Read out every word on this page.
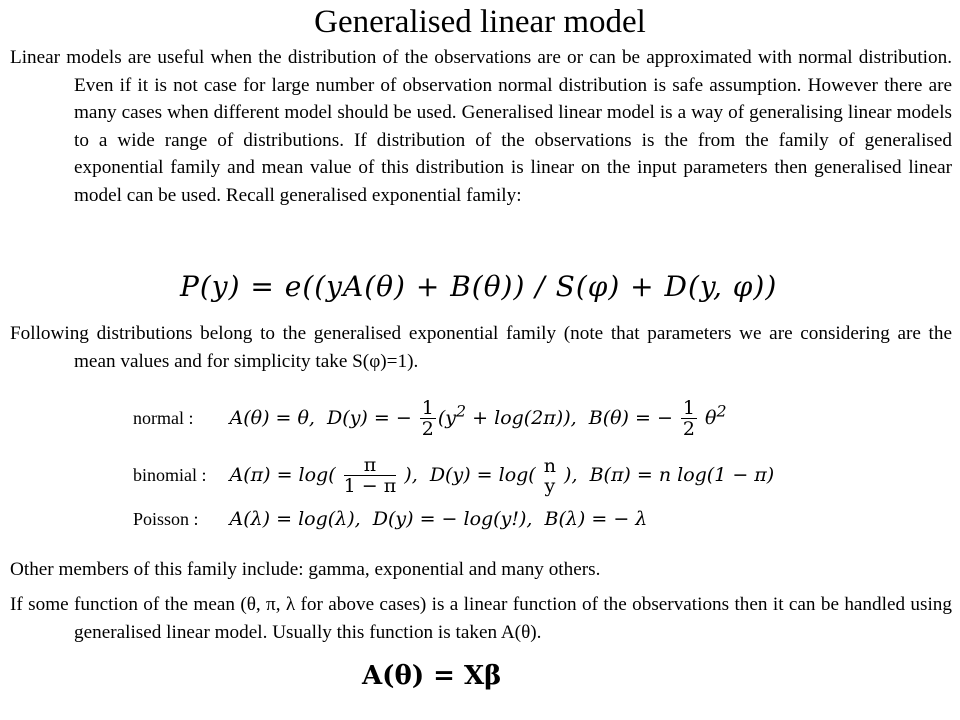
Generalised linear model
Linear models are useful when the distribution of the observations are or can be approximated with normal distribution. Even if it is not case for large number of observation normal distribution is safe assumption. However there are many cases when different model should be used. Generalised linear model is a way of generalising linear models to a wide range of distributions. If distribution of the observations is the from the family of generalised exponential family and mean value of this distribution is linear on the input parameters then generalised linear model can be used. Recall generalised exponential family:
P(y) = e((yA(θ) + B(θ)) / S(φ) + D(y, φ))
Following distributions belong to the generalised exponential family (note that parameters we are considering are the mean values and for simplicity take S(φ)=1).
normal : A(θ) = θ,  D(y) = − $\frac{1}{2} (y^2 + \log(2\pi))$,  B(θ) = − $\frac{1}{2} \theta^2$
binomial : $A(\pi) = \log( \frac{\pi}{1 - \pi}$ ),  D(y) = log( n
y ),  B(π) = n log(1 − π)
Poisson : A(λ) = log(λ),  D(y) = − log(y!),  B(λ) = − λ
Other members of this family include: gamma, exponential and many others.
If some function of the mean (θ, π, λ for above cases) is a linear function of the observations then it can be handled using generalised linear model. Usually this function is taken A(θ).
A(θ) = Xβ
